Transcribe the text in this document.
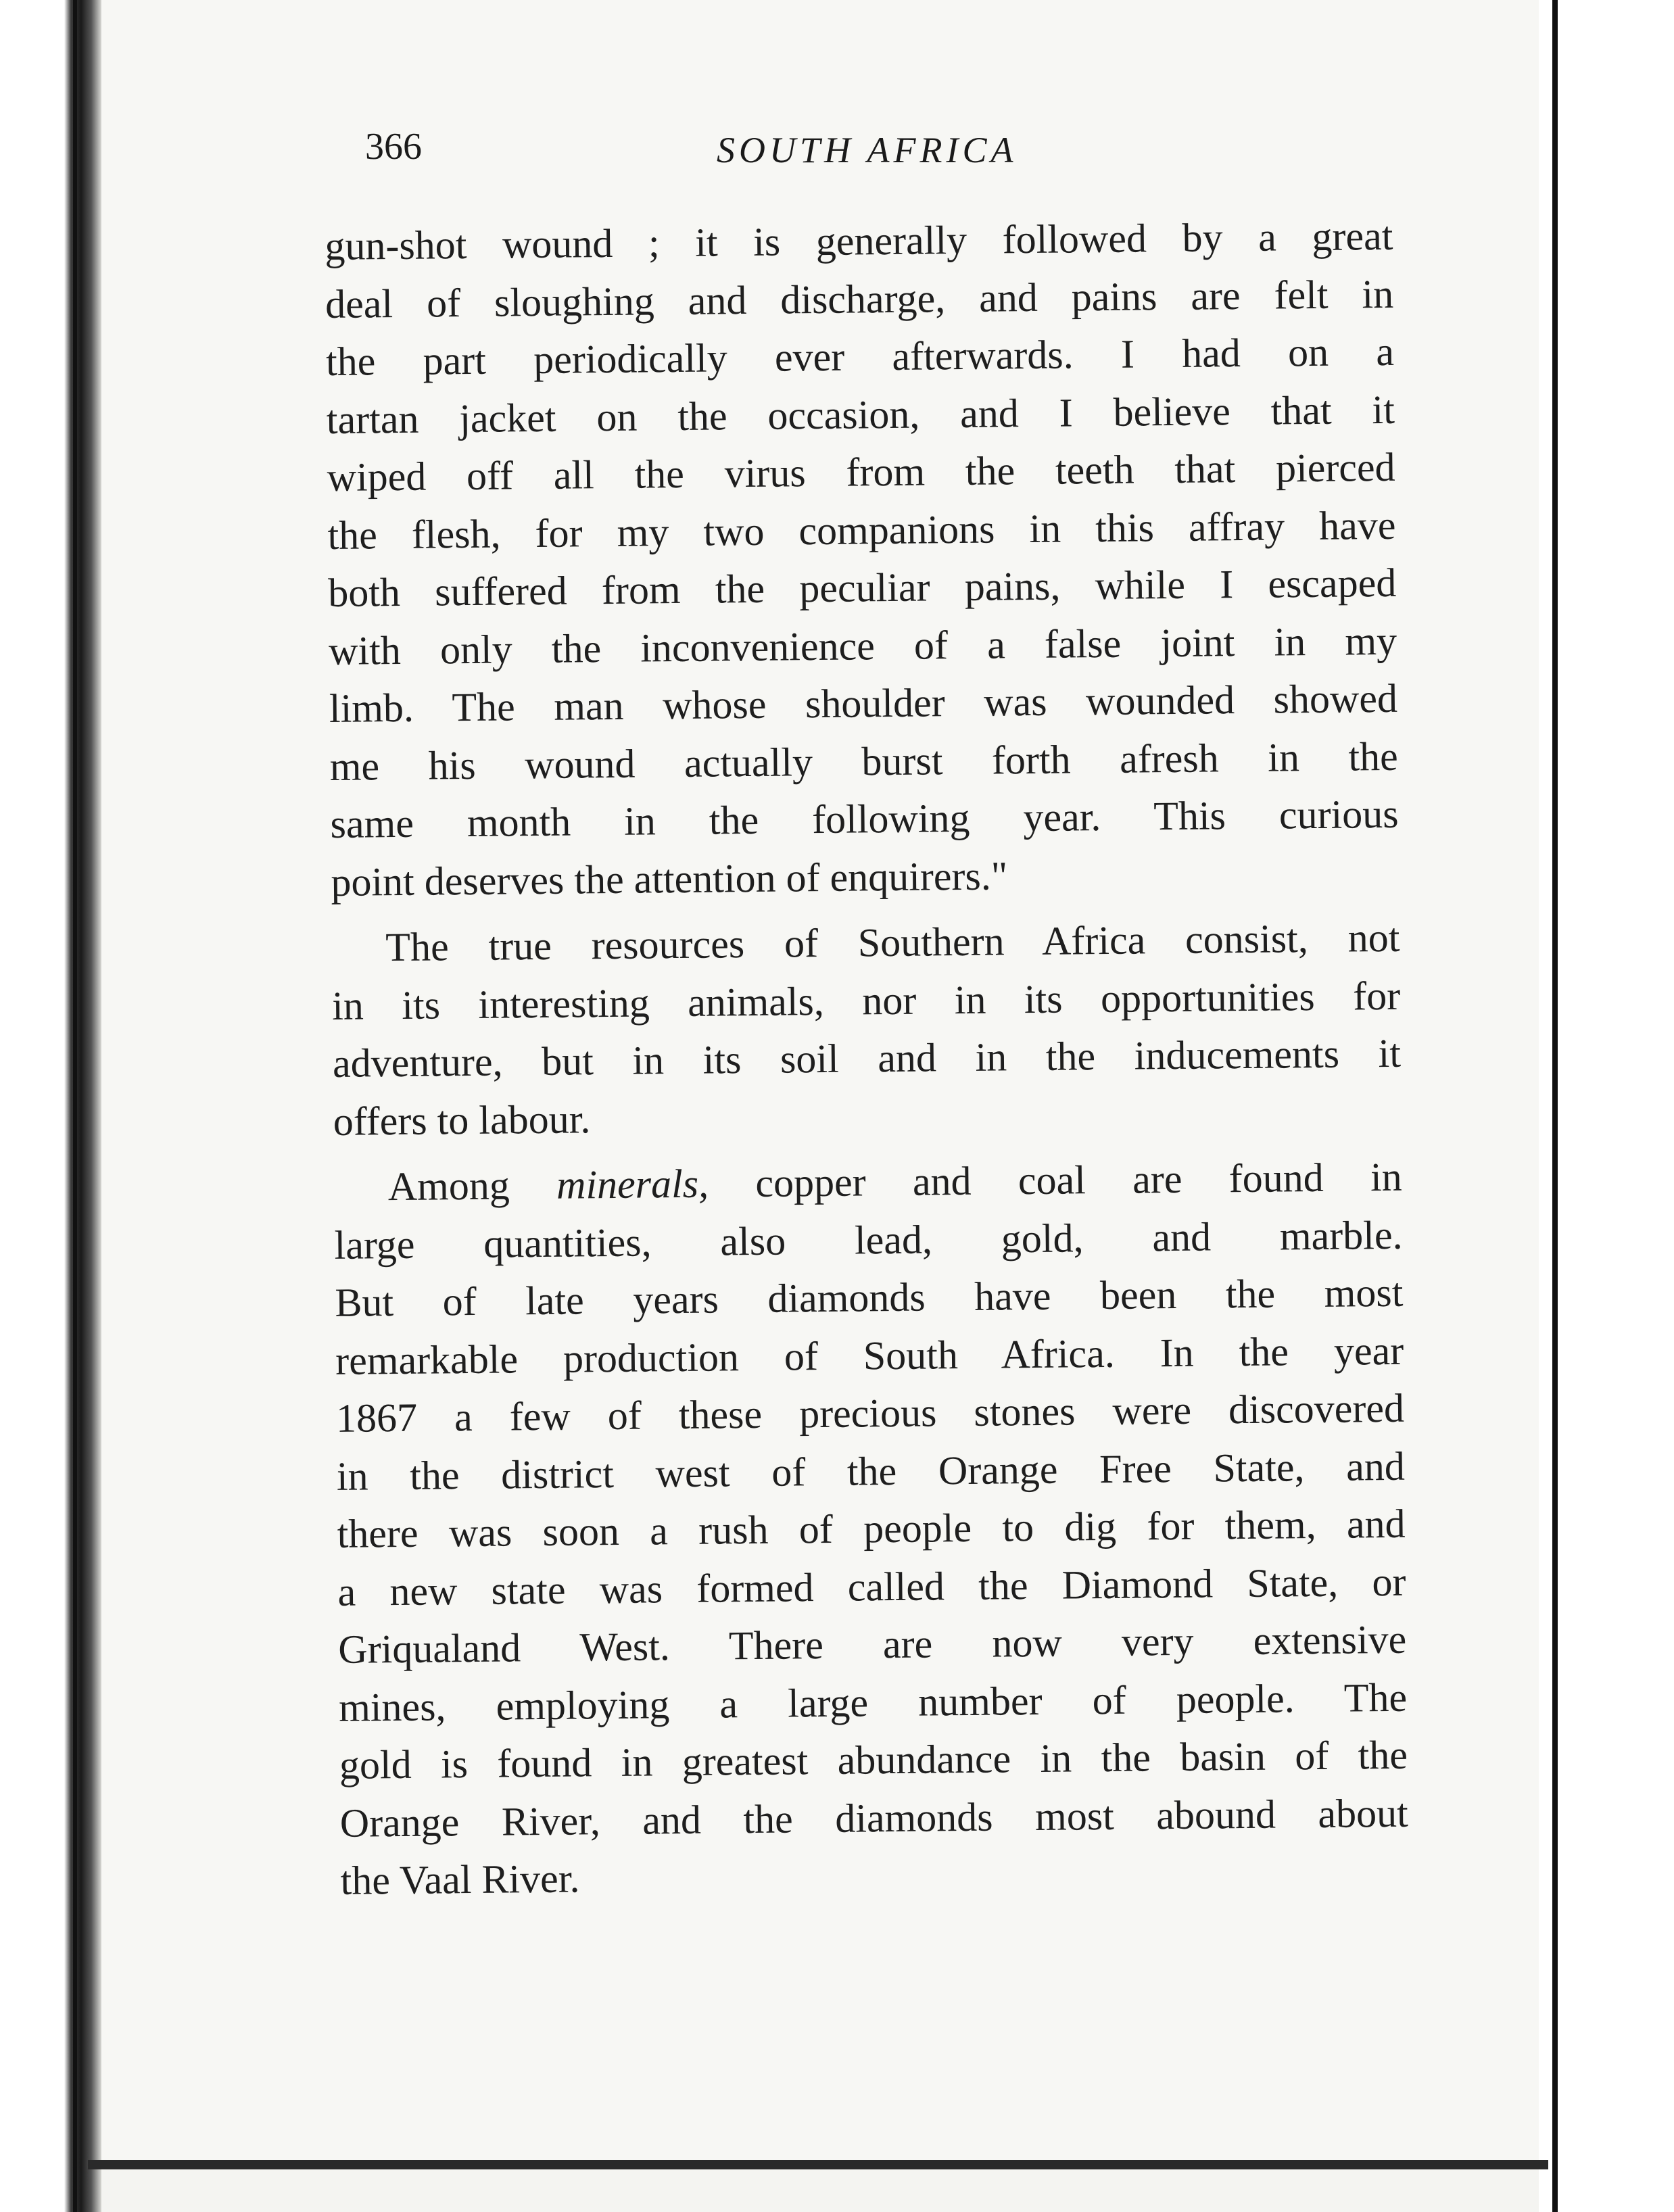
366	SOUTH AFRICA
gun-shot wound ; it is generally followed by a great
deal of sloughing and discharge, and pains are felt in
the part periodically ever afterwards. I had on a
tartan jacket on the occasion, and I believe that it
wiped off all the virus from the teeth that pierced
the flesh, for my two companions in this affray have
both suffered from the peculiar pains, while I escaped
with only the inconvenience of a false joint in my
limb. The man whose shoulder was wounded showed
me his wound actually burst forth afresh in the
same month in the following year. This curious
point deserves the attention of enquirers."
The true resources of Southern Africa consist, not
in its interesting animals, nor in its opportunities for
adventure, but in its soil and in the inducements it
offers to labour.
Among minerals, copper and coal are found in
large quantities, also lead, gold, and marble.
But of late years diamonds have been the most
remarkable production of South Africa. In the year
1867 a few of these precious stones were discovered
in the district west of the Orange Free State, and
there was soon a rush of people to dig for them, and
a new state was formed called the Diamond State, or
Griqualand West. There are now very extensive
mines, employing a large number of people. The
gold is found in greatest abundance in the basin of the
Orange River, and the diamonds most abound about
the Vaal River.
